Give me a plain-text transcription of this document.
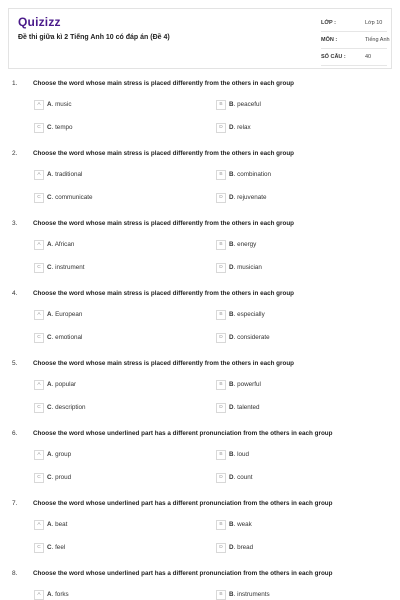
Quizizz
Đề thi giữa kì 2 Tiếng Anh 10 có đáp án (Đề 4)
LỚP :	Lớp 10
MÔN :	Tiếng Anh
SỐ CÂU :	40
1. Choose the word whose main stress is placed differently from the others in each group
A	A. music	B	B. peaceful
C C. tempo	D D. relax
2. Choose the word whose main stress is placed differently from the others in each group
A	A. traditional	B	B. combination
C C. communicate	D D. rejuvenate
3. Choose the word whose main stress is placed differently from the others in each group
A	A. African	B	B. energy
C C. instrument	D D. musician
4. Choose the word whose main stress is placed differently from the others in each group
A	A. European	B	B. especially
C C. emotional	D D. considerate
5. Choose the word whose main stress is placed differently from the others in each group
A	A. popular	B	B. powerful
C C. description	D D. talented
6. Choose the word whose underlined part has a different pronunciation from the others in each group
A	A. group	B	B. loud
C C. proud	D D. count
7. Choose the word whose underlined part has a different pronunciation from the others in each group
A	A. beat	B	B. weak
C C. feel	D D. bread
8. Choose the word whose underlined part has a different pronunciation from the others in each group
A	A. forks	B	B. instruments
